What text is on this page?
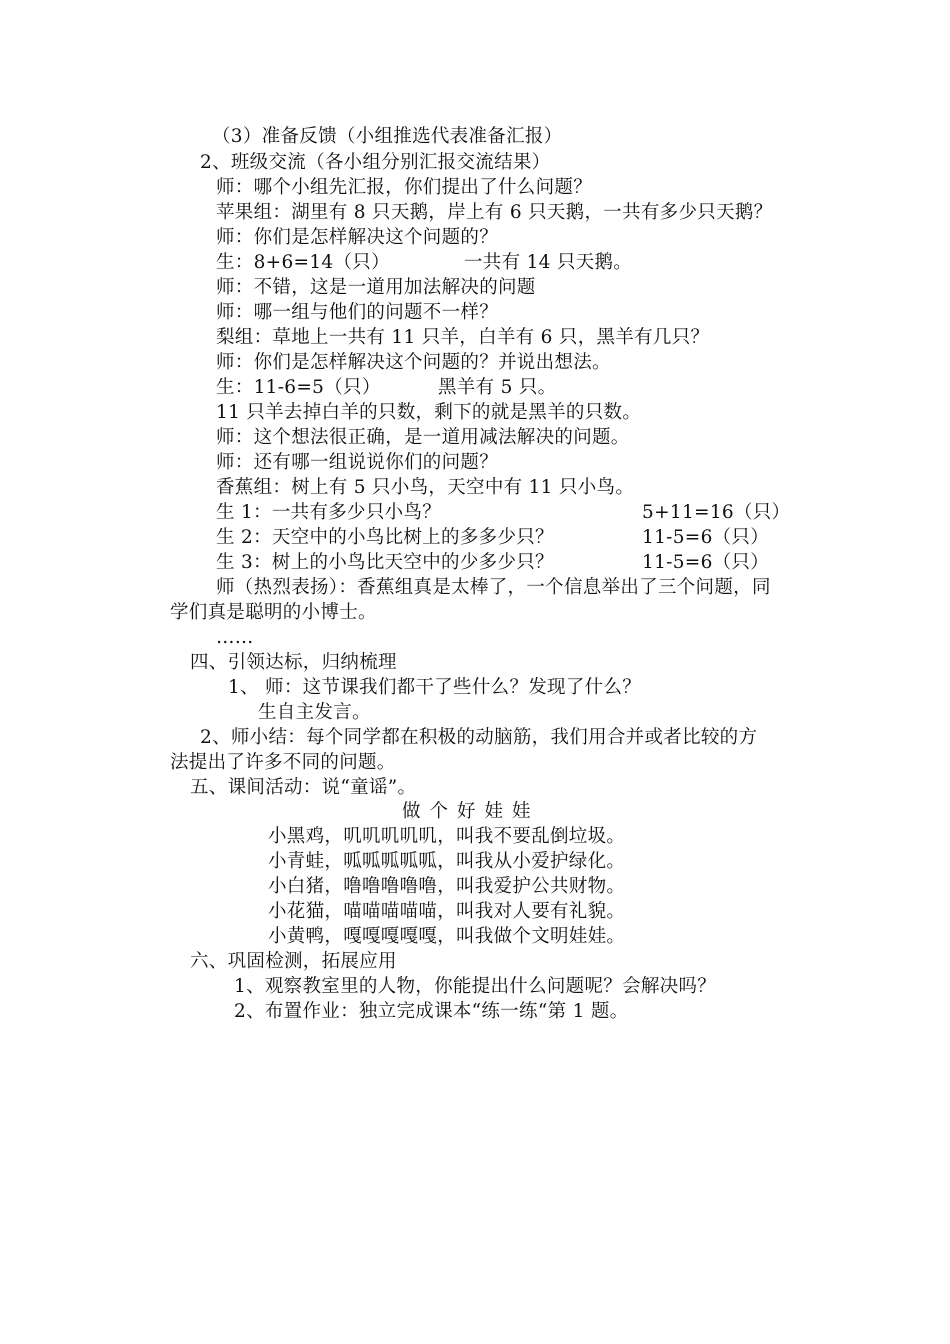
（3）准备反馈（小组推选代表准备汇报）
2、班级交流（各小组分别汇报交流结果）
师：哪个小组先汇报，你们提出了什么问题？
苹果组：湖里有 8 只天鹅，岸上有 6 只天鹅，一共有多少只天鹅？
师：你们是怎样解决这个问题的？
生：8+6=14（只）	一共有 14 只天鹅。
师：不错，这是一道用加法解决的问题
师：哪一组与他们的问题不一样？
梨组：草地上一共有 11 只羊，白羊有 6 只，黑羊有几只？
师：你们是怎样解决这个问题的？并说出想法。
生：11-6=5（只）	黑羊有 5 只。
11 只羊去掉白羊的只数，剩下的就是黑羊的只数。
师：这个想法很正确，是一道用减法解决的问题。
师：还有哪一组说说你们的问题？
香蕉组：树上有 5 只小鸟，天空中有 11 只小鸟。
生 1：一共有多少只小鸟？	5+11=16（只）
生 2：天空中的小鸟比树上的多多少只？	11-5=6（只）
生 3：树上的小鸟比天空中的少多少只？	11-5=6（只）
师（热烈表扬）：香蕉组真是太棒了，一个信息举出了三个问题，同
学们真是聪明的小博士。
……
四、引领达标，归纳梳理
1、 师：这节课我们都干了些什么？发现了什么？
生自主发言。
2、师小结：每个同学都在积极的动脑筋，我们用合并或者比较的方
法提出了许多不同的问题。
五、课间活动：说“童谣”。
做个好娃娃
小黑鸡，叽叽叽叽叽，叫我不要乱倒垃圾。
小青蛙，呱呱呱呱呱，叫我从小爱护绿化。
小白猪，噜噜噜噜噜，叫我爱护公共财物。
小花猫，喵喵喵喵喵，叫我对人要有礼貌。
小黄鸭，嘎嘎嘎嘎嘎，叫我做个文明娃娃。
六、巩固检测，拓展应用
1、观察教室里的人物，你能提出什么问题呢？会解决吗？
2、布置作业：独立完成课本“练一练“第 1 题。
